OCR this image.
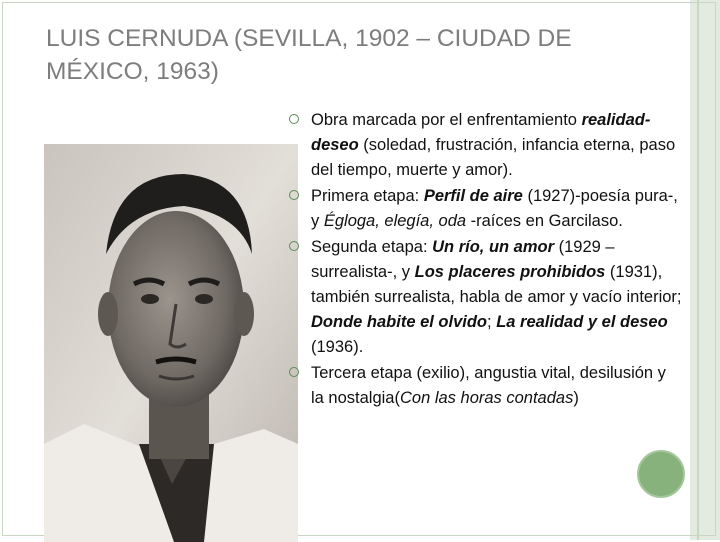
LUIS CERNUDA (SEVILLA, 1902 – CIUDAD DE MÉXICO, 1963)
Obra marcada por el enfrentamiento realidad-deseo (soledad, frustración, infancia eterna, paso del tiempo, muerte y amor).
Primera etapa: Perfil de aire (1927)-poesía pura-, y Égloga, elegía, oda -raíces en Garcilaso.
Segunda etapa: Un río, un amor (1929 –surrealista-, y Los placeres prohibidos (1931), también surrealista, habla de amor y vacío interior; Donde habite el olvido; La realidad y el deseo (1936).
Tercera etapa (exilio), angustia vital, desilusión y la nostalgia(Con las horas contadas)
